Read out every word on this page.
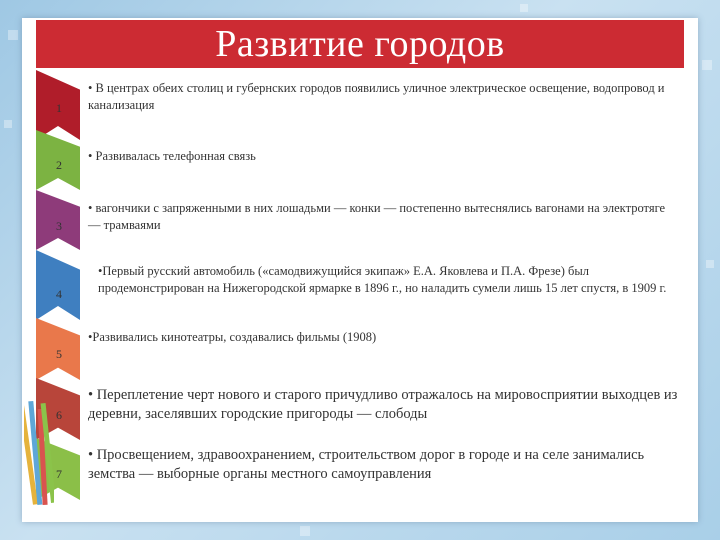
Развитие городов
1
2
3
4
5
6
7
• В центрах обеих столиц и губернских городов появились уличное электрическое освещение, водопровод и канализация
• Развивалась телефонная связь
• вагончики с запряженными в них лошадьми — конки — постепенно вытеснялись вагонами на электротяге — трамваями
•Первый русский автомобиль («самодвижущийся экипаж» Е.А. Яковлева и П.А. Фрезе) был продемонстрирован на Нижегородской ярмарке в 1896 г., но наладить сумели лишь 15 лет спустя, в 1909 г.
•Развивались кинотеатры, создавались фильмы (1908)
• Переплетение черт нового и старого причудливо отражалось на мировосприятии выходцев из деревни, заселявших городские пригороды — слободы
• Просвещением, здравоохранением, строительством дорог в городе и на селе занимались земства — выборные органы местного самоуправления
